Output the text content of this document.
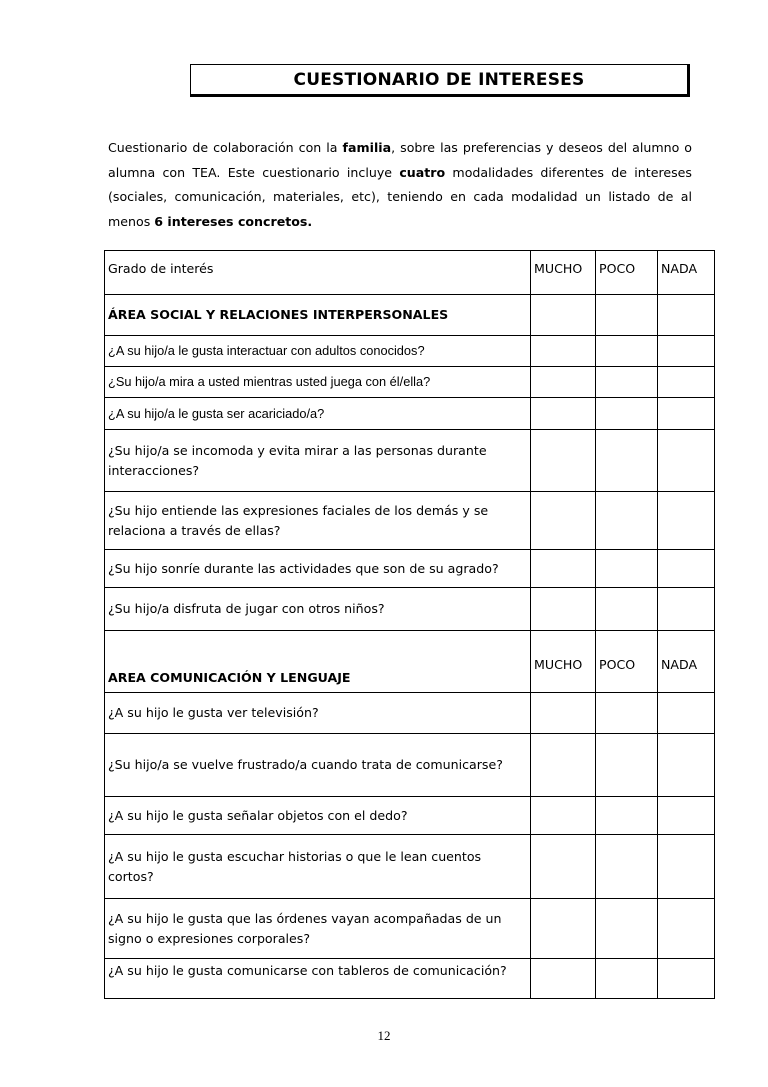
CUESTIONARIO DE INTERESES

Cuestionario de colaboración con la familia, sobre las preferencias y deseos del alumno o alumna con TEA. Este cuestionario incluye cuatro modalidades diferentes de intereses (sociales, comunicación, materiales, etc), teniendo en cada modalidad un listado de al menos 6 intereses concretos.

Grado de interés	MUCHO	POCO	NADA
ÁREA SOCIAL Y RELACIONES INTERPERSONALES			
¿A su hijo/a le gusta interactuar con adultos conocidos?			
¿Su hijo/a mira a usted mientras usted juega con él/ella?			
¿A su hijo/a le gusta ser acariciado/a?			
¿Su hijo/a se incomoda y evita mirar a las personas durante interacciones?			
¿Su hijo entiende las expresiones faciales de los demás y se relaciona a través de ellas?			
¿Su hijo sonríe durante las actividades que son de su agrado?			
¿Su hijo/a disfruta de jugar con otros niños?			
AREA COMUNICACIÓN Y LENGUAJE	MUCHO	POCO	NADA

¿A su hijo le gusta ver televisión?			
¿Su hijo/a se vuelve frustrado/a cuando trata de comunicarse?			
¿A su hijo le gusta señalar objetos con el dedo?			
¿A su hijo le gusta escuchar historias o que le lean cuentos cortos?			
¿A su hijo le gusta que las órdenes vayan acompañadas de un signo o expresiones corporales?			
¿A su hijo le gusta comunicarse con tableros de comunicación?			
12
